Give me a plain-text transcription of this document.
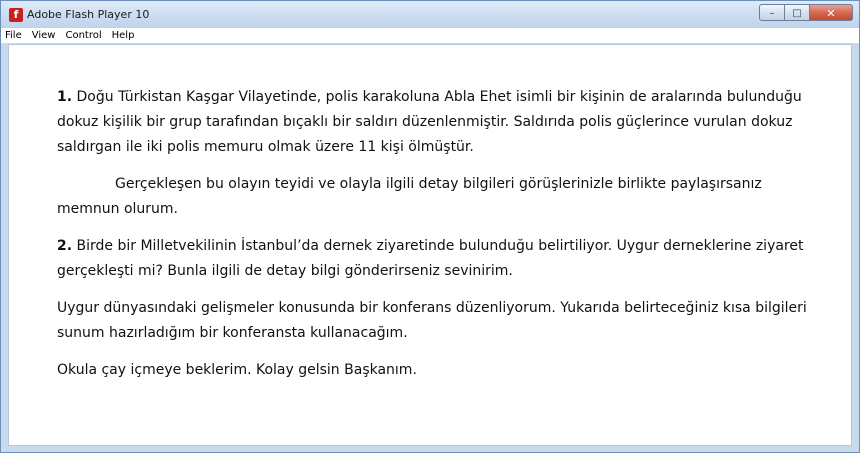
f Adobe Flash Player 10	–	□	✕
File	View	Control	Help

1. Doğu Türkistan Kaşgar Vilayetinde, polis karakoluna Abla Ehet isimli bir kişinin de aralarında bulunduğu dokuz kişilik bir grup tarafından bıçaklı bir saldırı düzenlenmiştir. Saldırıda polis güçlerince vurulan dokuz saldırgan ile iki polis memuru olmak üzere 11 kişi ölmüştür.

Gerçekleşen bu olayın teyidi ve olayla ilgili detay bilgileri görüşlerinizle birlikte paylaşırsanız memnun olurum.

2. Birde bir Milletvekilinin İstanbul’da dernek ziyaretinde bulunduğu belirtiliyor. Uygur derneklerine ziyaret gerçekleşti mi? Bunla ilgili de detay bilgi gönderirseniz sevinirim.

Uygur dünyasındaki gelişmeler konusunda bir konferans düzenliyorum. Yukarıda belirteceğiniz kısa bilgileri sunum hazırladığım bir konferansta kullanacağım.

Okula çay içmeye beklerim. Kolay gelsin Başkanım.
